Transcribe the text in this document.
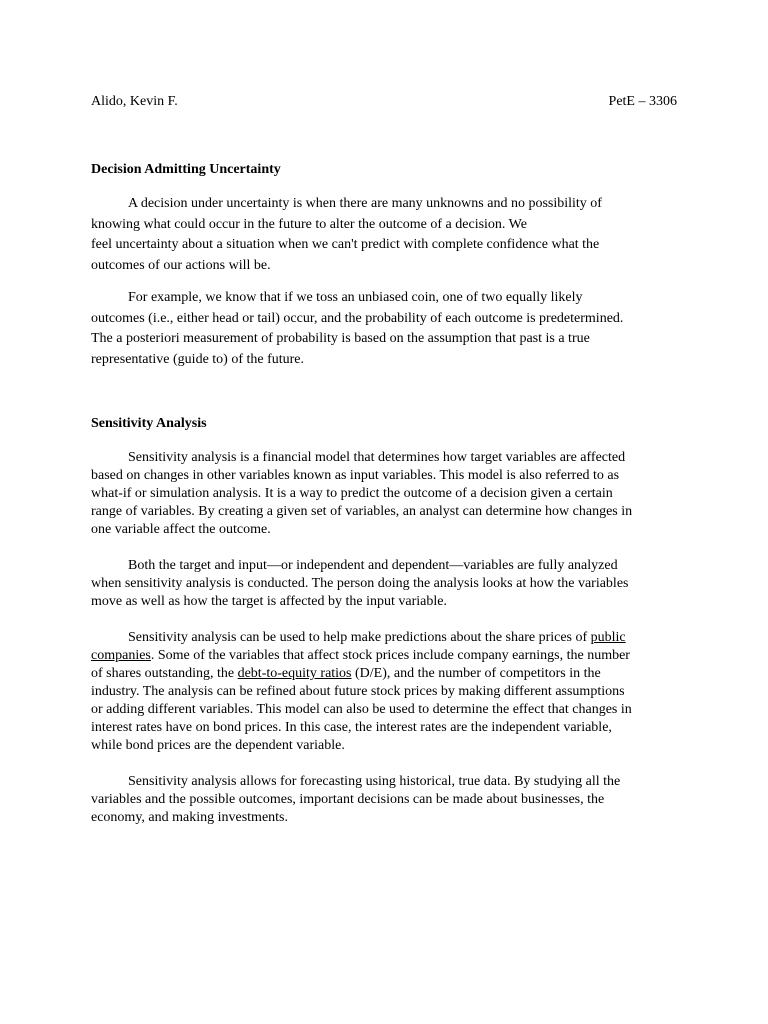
Alido, Kevin F.	PetE – 3306
Decision Admitting Uncertainty

A decision under uncertainty is when there are many unknowns and no possibility of

knowing what could occur in the future to alter the outcome of a decision. We

feel uncertainty about a situation when we can't predict with complete confidence what the

outcomes of our actions will be.

For example, we know that if we toss an unbiased coin, one of two equally likely

outcomes (i.e., either head or tail) occur, and the probability of each outcome is predetermined.

The a posteriori measurement of probability is based on the assumption that past is a true

representative (guide to) of the future.

Sensitivity Analysis

Sensitivity analysis is a financial model that determines how target variables are affected

based on changes in other variables known as input variables. This model is also referred to as

what-if or simulation analysis. It is a way to predict the outcome of a decision given a certain

range of variables. By creating a given set of variables, an analyst can determine how changes in

one variable affect the outcome.

Both the target and input—or independent and dependent—variables are fully analyzed

when sensitivity analysis is conducted. The person doing the analysis looks at how the variables

move as well as how the target is affected by the input variable.

Sensitivity analysis can be used to help make predictions about the share prices of public

companies. Some of the variables that affect stock prices include company earnings, the number

of shares outstanding, the debt-to-equity ratios (D/E), and the number of competitors in the

industry. The analysis can be refined about future stock prices by making different assumptions

or adding different variables. This model can also be used to determine the effect that changes in

interest rates have on bond prices. In this case, the interest rates are the independent variable,

while bond prices are the dependent variable.

Sensitivity analysis allows for forecasting using historical, true data. By studying all the

variables and the possible outcomes, important decisions can be made about businesses, the

economy, and making investments.
